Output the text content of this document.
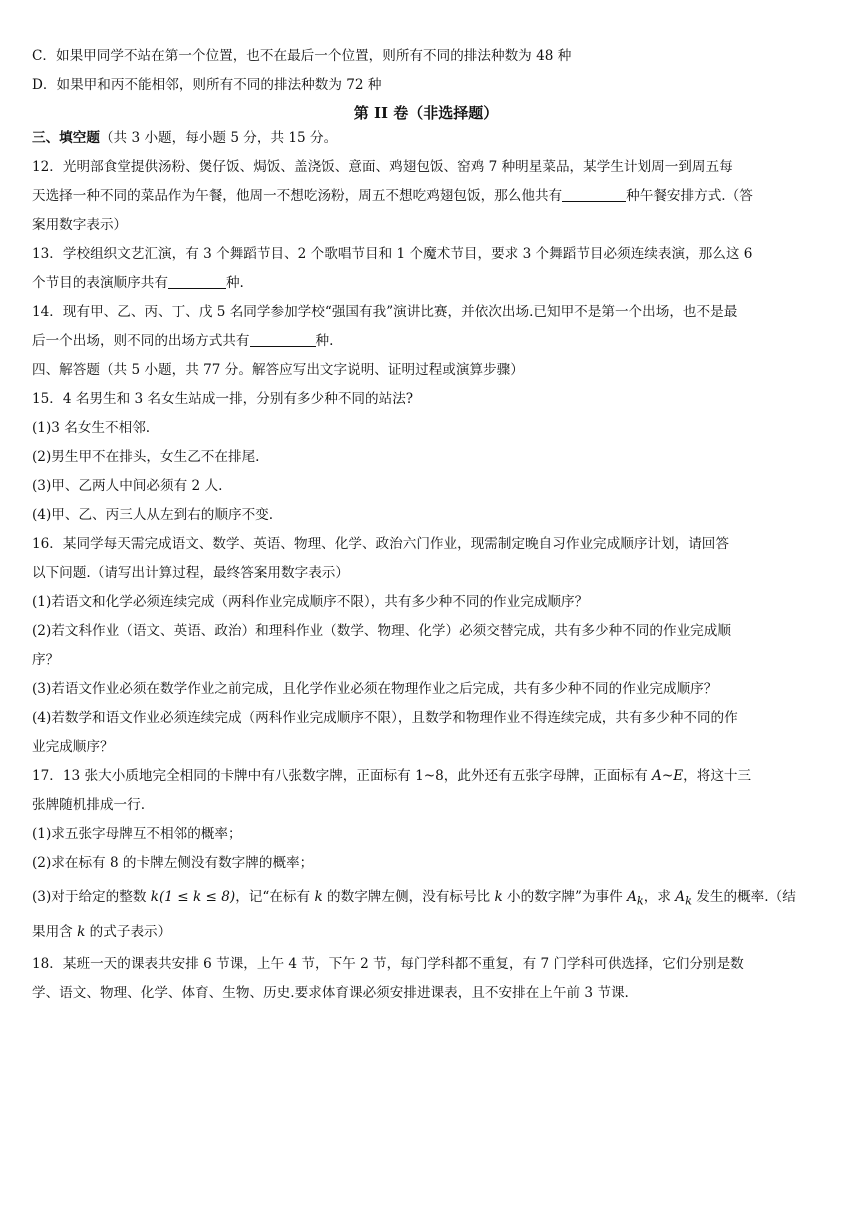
C．如果甲同学不站在第一个位置，也不在最后一个位置，则所有不同的排法种数为 48 种
D．如果甲和丙不能相邻，则所有不同的排法种数为 72 种
第 II 卷（非选择题）
三、填空题（共 3 小题，每小题 5 分，共 15 分。
12．光明部食堂提供汤粉、煲仔饭、焗饭、盖浇饭、意面、鸡翅包饭、窑鸡 7 种明星菜品，某学生计划周一到周五每
天选择一种不同的菜品作为午餐，他周一不想吃汤粉，周五不想吃鸡翅包饭，那么他共有	种午餐安排方式.（答
案用数字表示）
13．学校组织文艺汇演，有 3 个舞蹈节目、2 个歌唱节目和 1 个魔术节目，要求 3 个舞蹈节目必须连续表演，那么这 6
个节目的表演顺序共有	种.
14．现有甲、乙、丙、丁、戊 5 名同学参加学校“强国有我”演讲比赛，并依次出场.已知甲不是第一个出场，也不是最
后一个出场，则不同的出场方式共有	种.
四、解答题（共 5 小题，共 77 分。解答应写出文字说明、证明过程或演算步骤）
15．4 名男生和 3 名女生站成一排，分别有多少种不同的站法?
(1)3 名女生不相邻.
(2)男生甲不在排头，女生乙不在排尾.
(3)甲、乙两人中间必须有 2 人.
(4)甲、乙、丙三人从左到右的顺序不变.
16．某同学每天需完成语文、数学、英语、物理、化学、政治六门作业，现需制定晚自习作业完成顺序计划，请回答
以下问题.（请写出计算过程，最终答案用数字表示）
(1)若语文和化学必须连续完成（两科作业完成顺序不限），共有多少种不同的作业完成顺序？
(2)若文科作业（语文、英语、政治）和理科作业（数学、物理、化学）必须交替完成，共有多少种不同的作业完成顺
序？
(3)若语文作业必须在数学作业之前完成，且化学作业必须在物理作业之后完成，共有多少种不同的作业完成顺序？
(4)若数学和语文作业必须连续完成（两科作业完成顺序不限），且数学和物理作业不得连续完成，共有多少种不同的作
业完成顺序？
17．13 张大小质地完全相同的卡牌中有八张数字牌，正面标有 1~8，此外还有五张字母牌，正面标有 A~E，将这十三
张牌随机排成一行.
(1)求五张字母牌互不相邻的概率；
(2)求在标有 8 的卡牌左侧没有数字牌的概率；
(3)对于给定的整数 k(1 ≤ k ≤ 8)，记“在标有 k 的数字牌左侧，没有标号比 k 小的数字牌”为事件 $A_k$，求 $A_k$ 发生的概率.（结
果用含 k 的式子表示）
18．某班一天的课表共安排 6 节课，上午 4 节，下午 2 节，每门学科都不重复，有 7 门学科可供选择，它们分别是数
学、语文、物理、化学、体育、生物、历史.要求体育课必须安排进课表，且不安排在上午前 3 节课.
